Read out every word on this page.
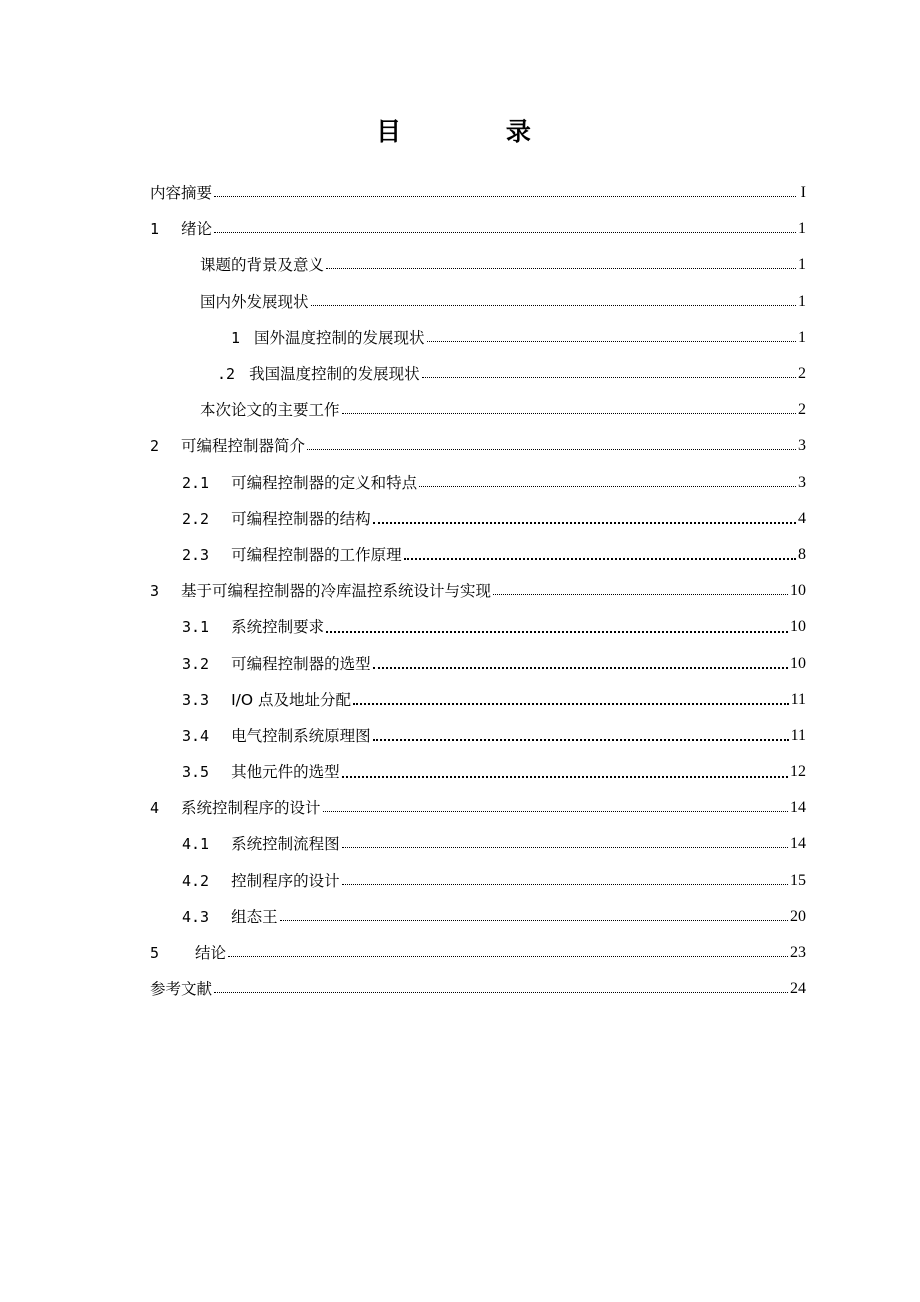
目 录
内容摘要	I
1 绪论	1
课题的背景及意义	1
国内外发展现状	1
1 国外温度控制的发展现状	1
.2 我国温度控制的发展现状	2
本次论文的主要工作	2
2 可编程控制器简介	3
2.1 可编程控制器的定义和特点	3
2.2 可编程控制器的结构	4
2.3 可编程控制器的工作原理	8
3 基于可编程控制器的冷库温控系统设计与实现	10
3.1 系统控制要求	10
3.2 可编程控制器的选型	10
3.3 I/O 点及地址分配	11
3.4 电气控制系统原理图	11
3.5 其他元件的选型	12
4 系统控制程序的设计	14
4.1 系统控制流程图	14
4.2 控制程序的设计	15
4.3 组态王	20
5 结论	23
参考文献	24
